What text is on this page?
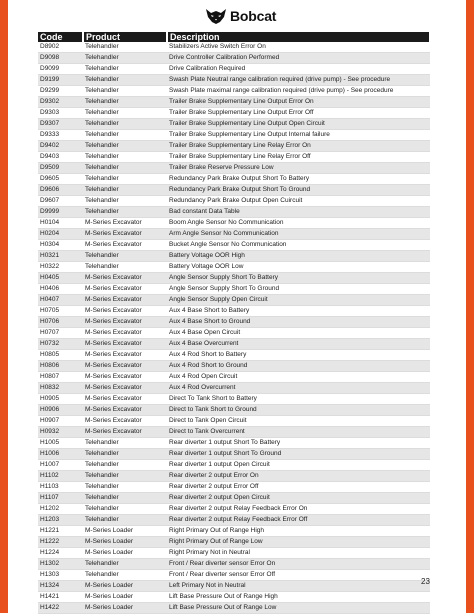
Bobcat
Code	Product	Description
D8902	Telehandler	Stabilizers Active Switch Error On
D9098	Telehandler	Drive Controller Calibration Performed
D9099	Telehandler	Drive Calibration Required
D9199	Telehandler	Swash Plate Neutral range calibration required (drive pump) - See procedure
D9299	Telehandler	Swash Plate maximal range calibration required (drive pump) - See procedure
D9302	Telehandler	Trailer Brake Supplementary Line Output Error On
D9303	Telehandler	Trailer Brake Supplementary Line Output Error Off
D9307	Telehandler	Trailer Brake Supplementary Line Output Open Circuit
D9333	Telehandler	Trailer Brake Supplementary Line Output Internal failure
D9402	Telehandler	Trailer Brake Supplementary Line Relay Error On
D9403	Telehandler	Trailer Brake Supplementary Line Relay Error Off
D9509	Telehandler	Trailer Brake Reserve Pressure Low
D9605	Telehandler	Redundancy Park Brake Output Short To Battery
D9606	Telehandler	Redundancy Park Brake Output Short To Ground
D9607	Telehandler	Redundancy Park Brake Output Open Cuircuit
D9999	Telehandler	Bad constant Data Table
H0104	M-Series Excavator	Boom Angle Sensor No Communication
H0204	M-Series Excavator	Arm Angle Sensor No Communication
H0304	M-Series Excavator	Bucket Angle Sensor No Communication
H0321	Telehandler	Battery Voltage OOR High
H0322	Telehandler	Battery Voltage OOR Low
H0405	M-Series Excavator	Angle Sensor Supply Short To Battery
H0406	M-Series Excavator	Angle Sensor Supply Short To Ground
H0407	M-Series Excavator	Angle Sensor Supply Open Circuit
H0705	M-Series Excavator	Aux 4 Base Short to Battery
H0706	M-Series Excavator	Aux 4 Base Short to Ground
H0707	M-Series Excavator	Aux 4 Base Open Circuit
H0732	M-Series Excavator	Aux 4 Base Overcurrent
H0805	M-Series Excavator	Aux 4 Rod Short to Battery
H0806	M-Series Excavator	Aux 4 Rod Short to Ground
H0807	M-Series Excavator	Aux 4 Rod Open Circuit
H0832	M-Series Excavator	Aux 4 Rod Overcurrent
H0905	M-Series Excavator	Direct To Tank Short to Battery
H0906	M-Series Excavator	Direct to Tank Short to Ground
H0907	M-Series Excavator	Direct to Tank Open Circuit
H0932	M-Series Excavator	Direct to Tank Overcurrent
H1005	Telehandler	Rear diverter 1 output Short To Battery
H1006	Telehandler	Rear diverter 1 output Short To Ground
H1007	Telehandler	Rear diverter 1 output Open Circuit
H1102	Telehandler	Rear diverter 2 output Error On
H1103	Telehandler	Rear diverter 2 output Error Off
H1107	Telehandler	Rear diverter 2 output Open Circuit
H1202	Telehandler	Rear diverter 2 output Relay Feedback Error On
H1203	Telehandler	Rear diverter 2 output Relay Feedback Error Off
H1221	M-Series Loader	Right Primary Out of Range High
H1222	M-Series Loader	Right Primary Out of Range Low
H1224	M-Series Loader	Right Primary Not in Neutral
H1302	Telehandler	Front / Rear diverter sensor Error On
H1303	Telehandler	Front / Rear diverter sensor Error Off
H1324	M-Series Loader	Left Primary Not in Neutral
H1421	M-Series Loader	Lift Base Pressure Out of Range High
H1422	M-Series Loader	Lift Base Pressure Out of Range Low
23
